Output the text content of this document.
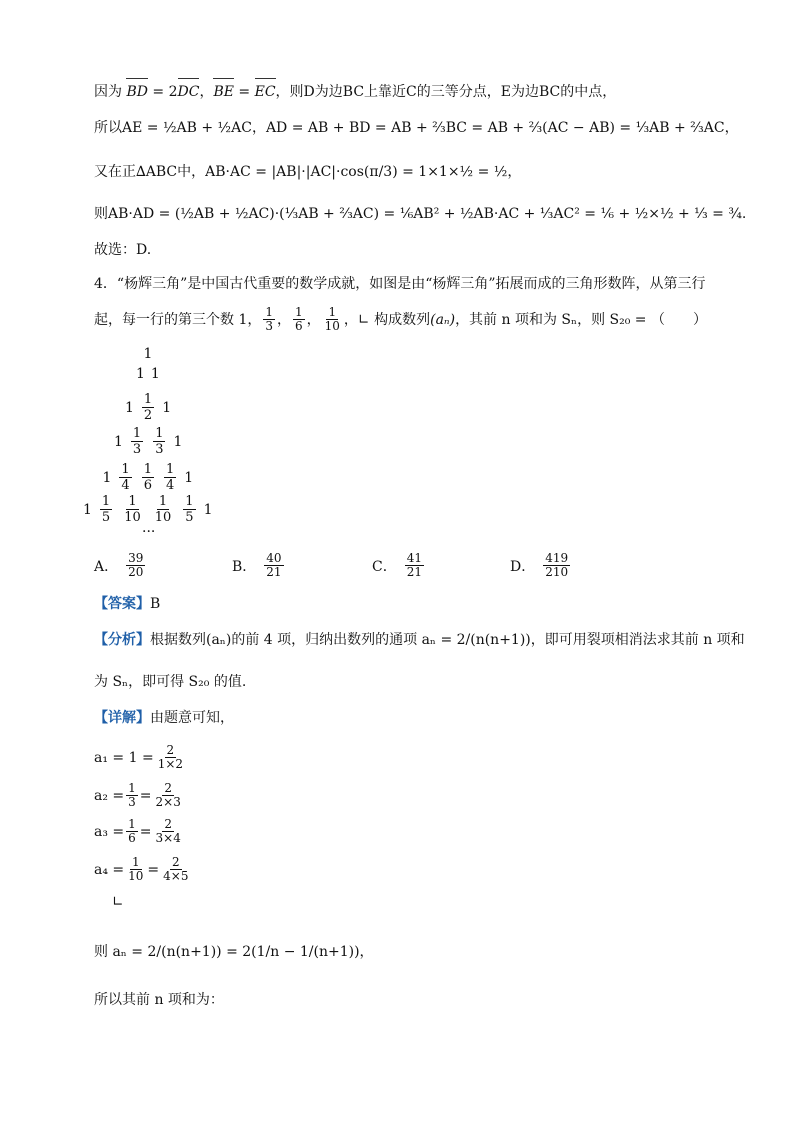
因为 BD = 2DC，BE = EC，则D为边BC上靠近C的三等分点，E为边BC的中点，
所以AE = ½AB + ½AC，AD = AB + BD = AB + ⅔BC = AB + ⅔(AC − AB) = ⅓AB + ⅔AC，
又在正∆ABC中，AB·AC = |AB|·|AC|·cos(π/3) = 1×1×½ = ½，
则AB·AD = (½AB + ½AC)·(⅓AB + ⅔AC) = ⅙AB² + ½AB·AC + ⅓AC² = ⅙ + ½×½ + ⅓ = ¾.
故选：D.
4．“杨辉三角”是中国古代重要的数学成就，如图是由“杨辉三角”拓展而成的三角形数阵，从第三行
起，每一行的第三个数 1， $\frac{1}{3}$ ， $\frac{1}{6}$ ， $\frac{1}{10}$ ，∟ 构成数列 (aₙ) ，其前 n 项和为 Sₙ，则 S₂₀ = （　　）
1
1 1
$1 \frac{1}{2} 1$
$1 \frac{1}{3} \frac{1}{3} 1$
$1 \frac{1}{4} \frac{1}{6} \frac{1}{4} 1$
$1 \frac{1}{5} \frac{1}{10} \frac{1}{10} \frac{1}{5} 1$
···
A． $\frac{39}{20}$	B． $\frac{40}{21}$	C． $\frac{41}{21}$	D． $\frac{419}{210}$
【答案】B
【分析】根据数列(aₙ)的前 4 项，归纳出数列的通项 aₙ = 2/(n(n+1))，即可用裂项相消法求其前 n 项和
为 Sₙ，即可得 S₂₀ 的值.
【详解】由题意可知，
$a_1 = 1 = \frac{2}{1\times 2}$
$a_2 = \frac{1}{3} = \frac{2}{2\times 3}$
$a_3 = \frac{1}{6} = \frac{2}{3\times 4}$
$a_4 = \frac{1}{10} = \frac{2}{4\times 5}$
∟
则 aₙ = 2/(n(n+1)) = 2(1/n − 1/(n+1))，
所以其前 n 项和为：
